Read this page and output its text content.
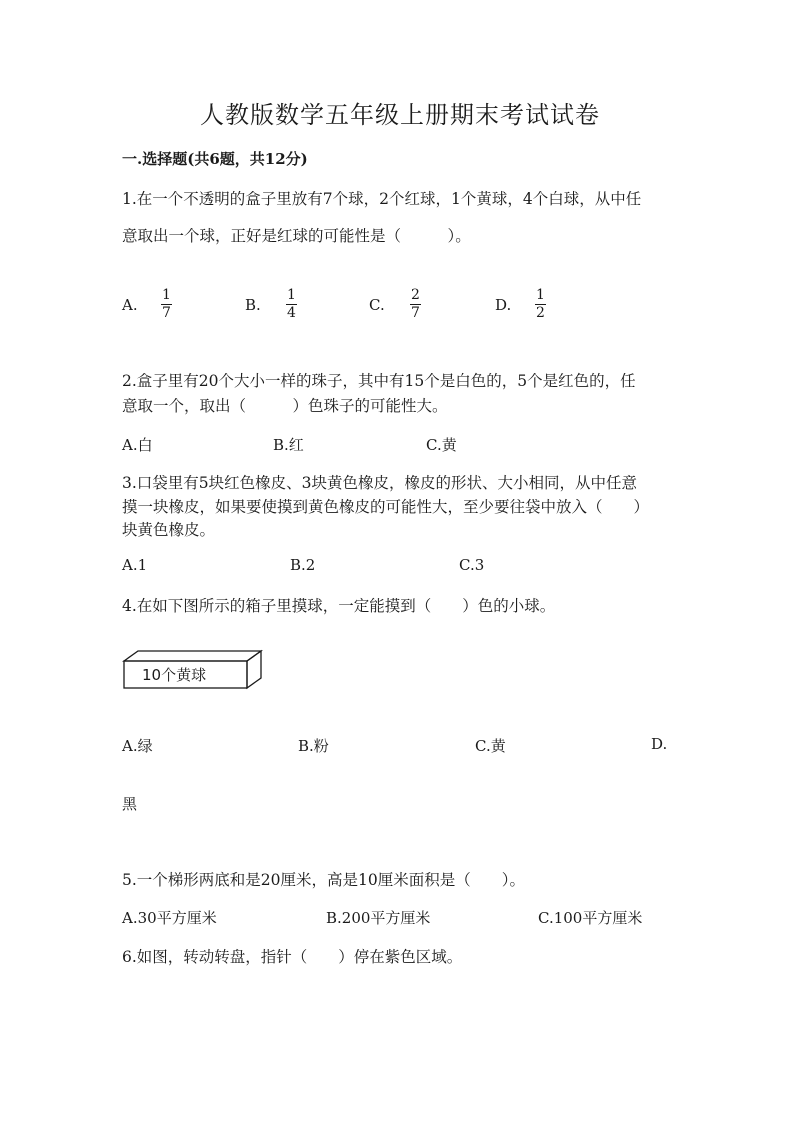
人教版数学五年级上册期末考试试卷
一.选择题(共6题，共12分)
1.在一个不透明的盒子里放有7个球，2个红球，1个黄球，4个白球，从中任
意取出一个球，正好是红球的可能性是（　　　）。
A.
1
7	B.
1
4	C.
2
7	D.
1
2
2.盒子里有20个大小一样的珠子，其中有15个是白色的，5个是红色的，任
意取一个，取出（　　　）色珠子的可能性大。
A.白	B.红	C.黄
3.口袋里有5块红色橡皮、3块黄色橡皮，橡皮的形状、大小相同，从中任意
摸一块橡皮，如果要使摸到黄色橡皮的可能性大，至少要往袋中放入（　　）
块黄色橡皮。
A.1	B.2	C.3
4.在如下图所示的箱子里摸球，一定能摸到（　　）色的小球。
10个黄球
A.绿	B.粉	C.黄	D.
黑
5.一个梯形两底和是20厘米，高是10厘米面积是（　　）。
A.30平方厘米	B.200平方厘米	C.100平方厘米
6.如图，转动转盘，指针（　　）停在紫色区域。
